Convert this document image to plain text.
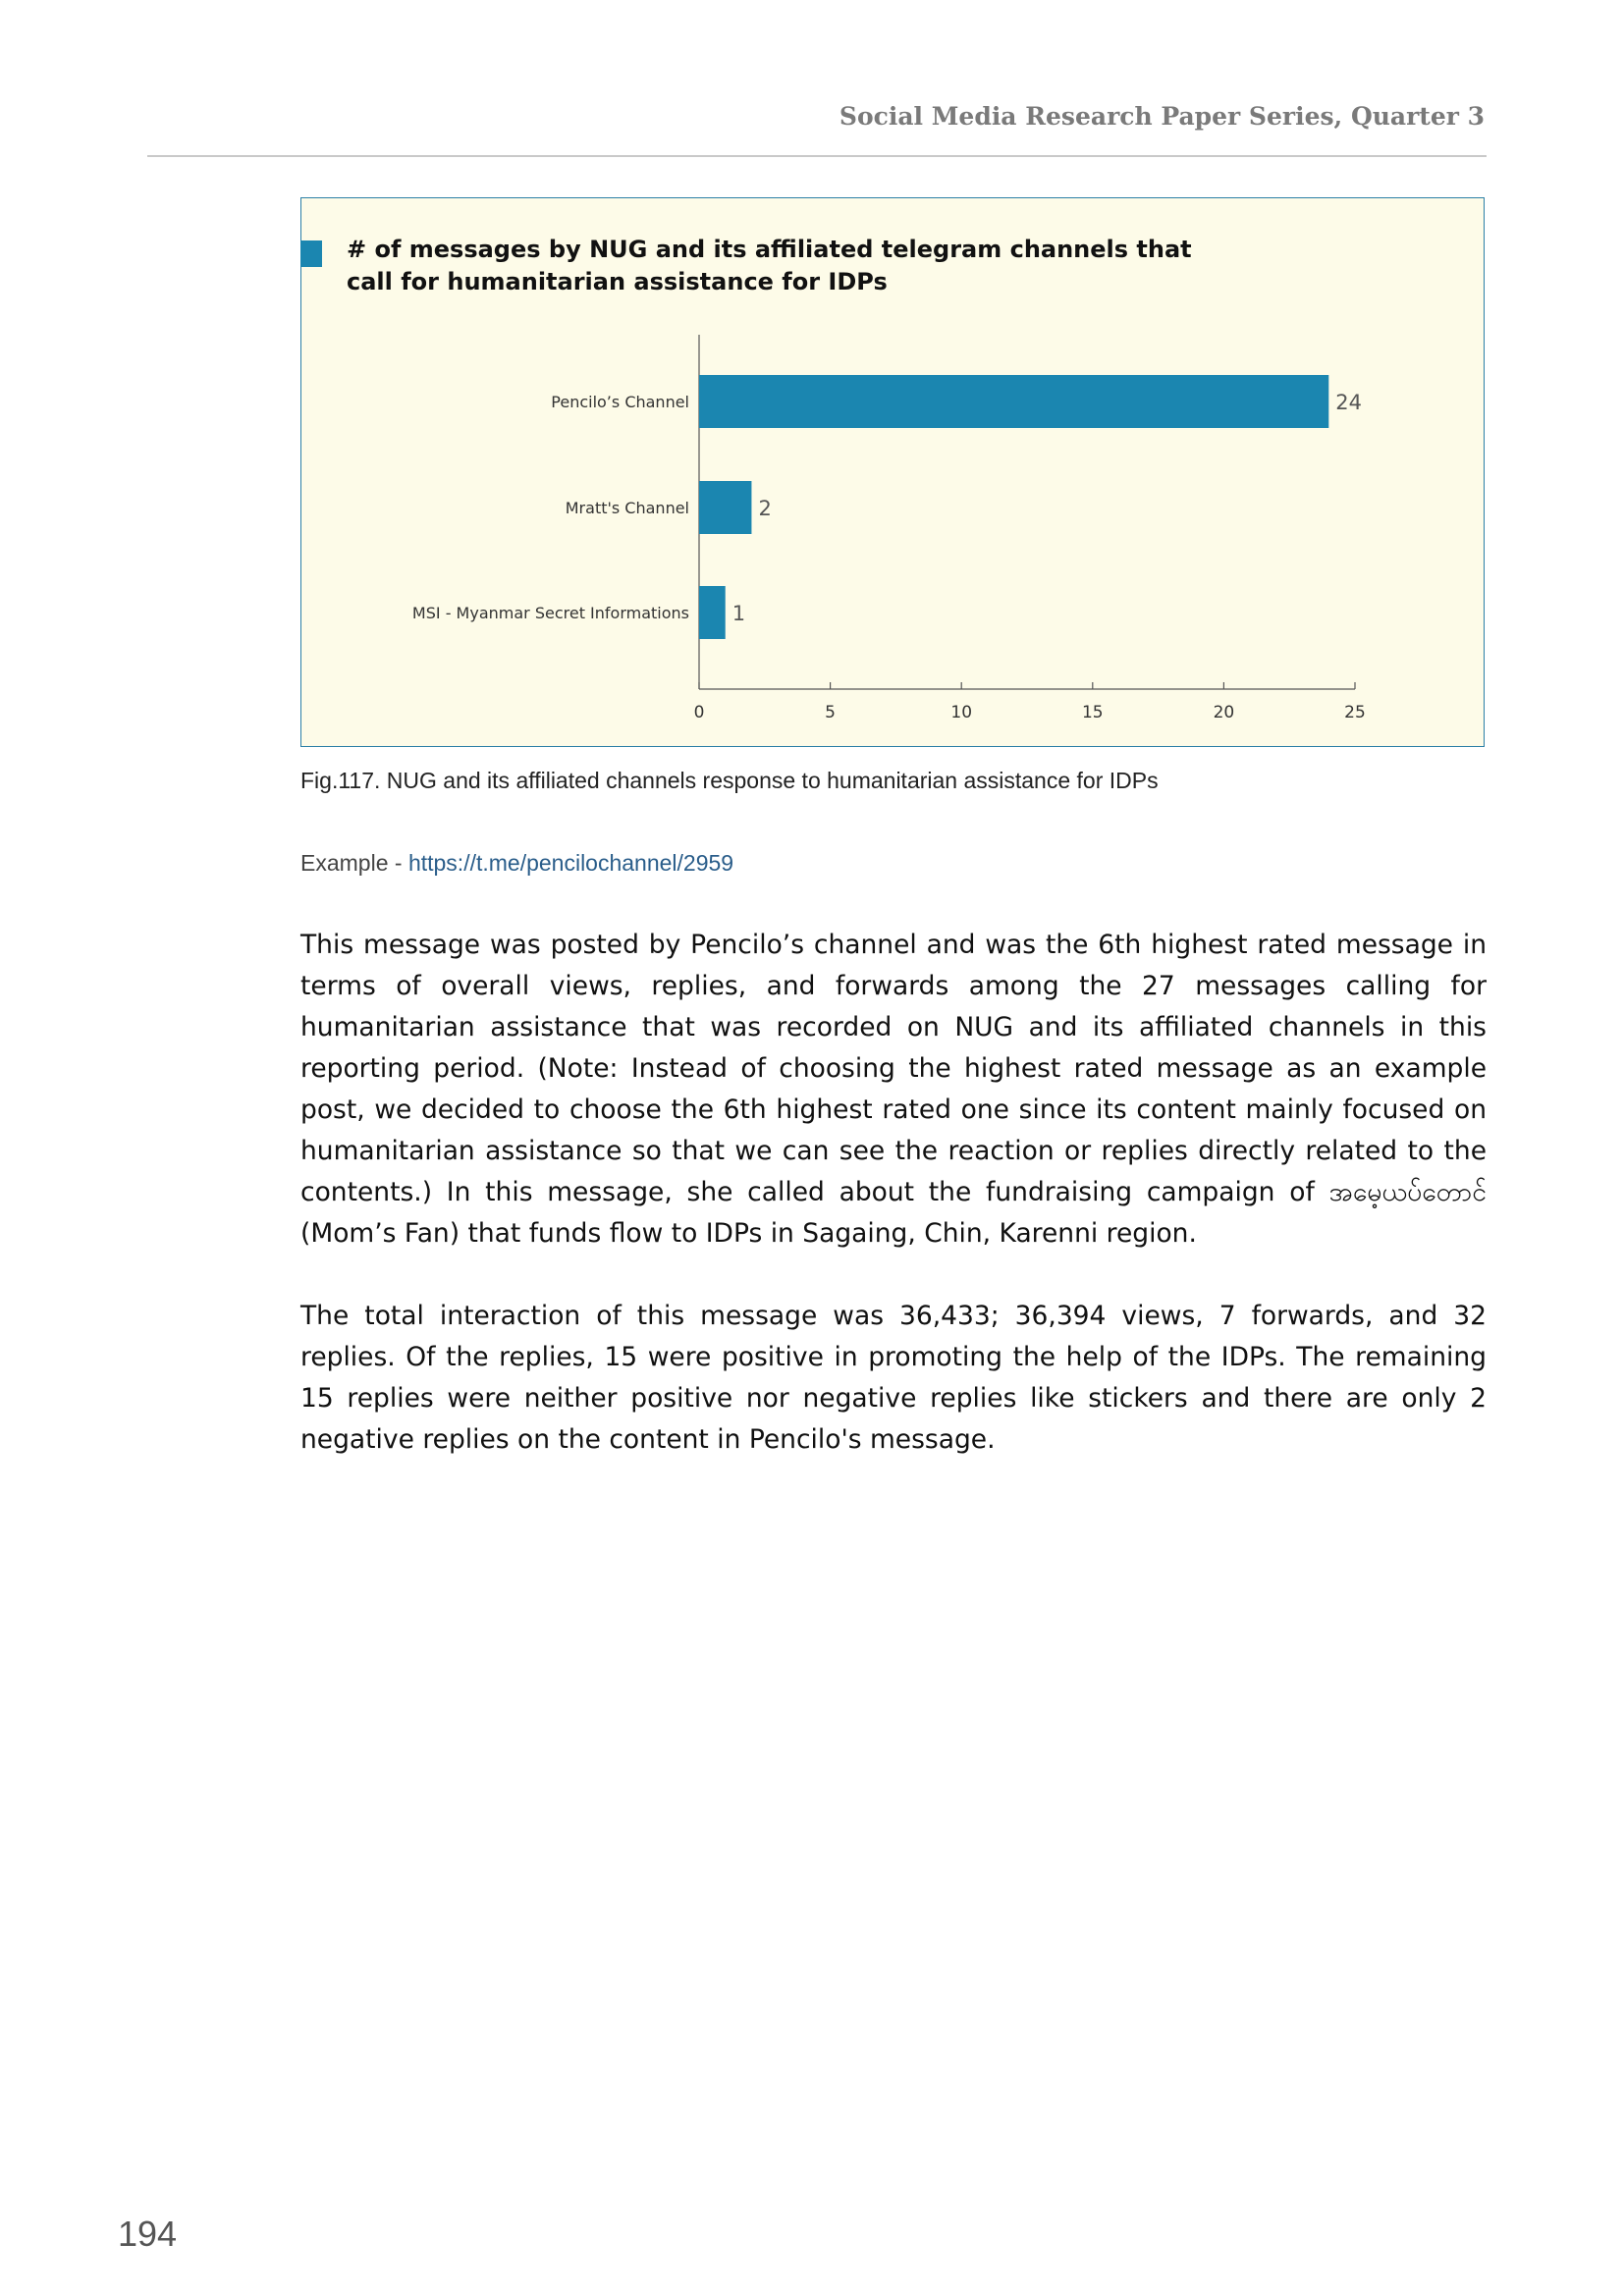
Social Media Research Paper Series, Quarter 3
# of messages by NUG and its affiliated telegram channels that call for humanitarian assistance for IDPs
0	5	10	15	20	25
Pencilo’s Channel	24
Mratt's Channel	2
MSI - Myanmar Secret Informations 1
Fig.117. NUG and its affiliated channels response to humanitarian assistance for IDPs
Example - https://t.me/pencilochannel/2959
This message was posted by Pencilo’s channel and was the 6th highest rated message in terms of overall views, replies, and forwards among the 27 messages calling for humanitarian assistance that was recorded on NUG and its affiliated channels in this reporting period. (Note: Instead of choosing the highest rated message as an example post, we decided to choose the 6th highest rated one since its content mainly focused on humanitarian assistance so that we can see the reaction or replies directly related to the contents.) In this message, she called about the fundraising campaign of အမေ့ယပ်တောင် (Mom’s Fan) that funds flow to IDPs in Sagaing, Chin, Karenni region.
The total interaction of this message was 36,433; 36,394 views, 7 forwards, and 32 replies. Of the replies, 15 were positive in promoting the help of the IDPs. The remaining 15 replies were neither positive nor negative replies like stickers and there are only 2 negative replies on the content in Pencilo's message.
194
